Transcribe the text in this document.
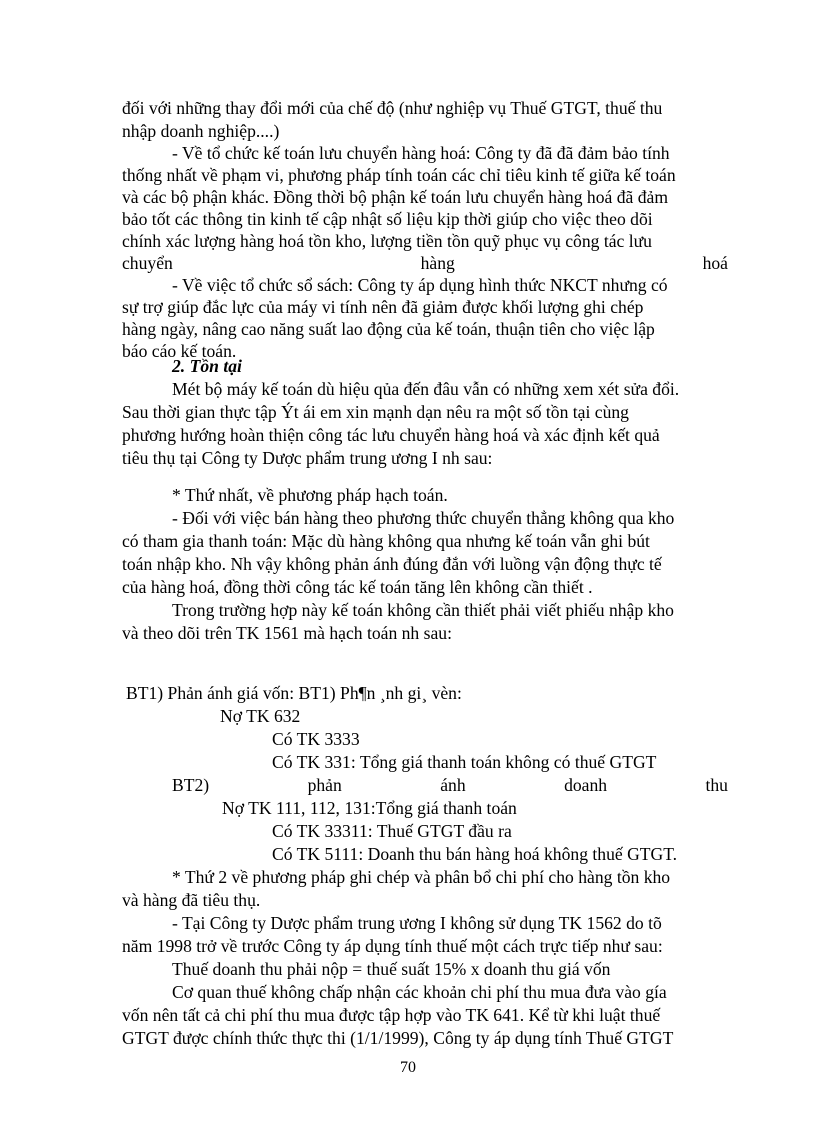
đối với những thay đổi mới của chế độ (như nghiệp vụ Thuế GTGT, thuế thu
nhập doanh nghiệp....)
- Về tổ chức kế toán lưu chuyển hàng hoá: Công ty đã đã đảm bảo tính
thống nhất về phạm vi, phương pháp tính toán các chỉ tiêu kinh tế giữa kế toán
và các bộ phận khác. Đồng thời bộ phận kế toán lưu chuyển hàng hoá đã đảm
bảo tốt các thông tin kinh tế cập nhật số liệu kịp thời giúp cho việc theo dõi
chính xác lượng hàng hoá tồn kho, lượng tiền tồn quỹ phục vụ công tác lưu
chuyển	hàng	hoá
- Về việc tổ chức sổ sách: Công ty áp dụng hình thức NKCT nhưng có
sự trợ giúp đắc lực của máy vi tính nên đã giảm được khối lượng ghi chép
hàng ngày, nâng cao năng suất lao động của kế toán, thuận tiên cho việc lập
báo cáo kế toán.
2. Tồn tại
Mét bộ máy kế toán dù hiệu qủa đến đâu vẫn có những xem xét sửa đổi.
Sau thời gian thực tập Ýt ái em xin mạnh dạn nêu ra một số tồn tại cùng
phương hướng hoàn thiện công tác lưu chuyển hàng hoá và xác định kết quả
tiêu thụ tại Công ty Dược phẩm trung ương I nh sau:
* Thứ nhất, về phương pháp hạch toán.
- Đối với việc bán hàng theo phương thức chuyển thẳng không qua kho
có tham gia thanh toán: Mặc dù hàng không qua nhưng kế toán vẫn ghi bút
toán nhập kho. Nh vậy không phản ánh đúng đắn với luồng vận động thực tế
của hàng hoá, đồng thời công tác kế toán tăng lên không cần thiết .
Trong trường hợp này kế toán không cần thiết phải viết phiếu nhập kho
và theo dõi trên TK 1561 mà hạch toán nh sau:
BT1) Phản ánh giá vốn: BT1) Ph¶n ¸nh gi¸ vèn:
Nợ TK 632
Có TK 3333
Có TK 331: Tổng giá thanh toán không có thuế GTGT
BT2)	phản	ánh	doanh	thu
Nợ TK 111, 112, 131:Tổng giá thanh toán
Có TK 33311: Thuế GTGT đầu ra
Có TK 5111: Doanh thu bán hàng hoá không thuế GTGT.
* Thứ 2 về phương pháp ghi chép và phân bổ chi phí cho hàng tồn kho
và hàng đã tiêu thụ.
- Tại Công ty Dược phẩm trung ương I không sử dụng TK 1562 do tõ
năm 1998 trở về trước Công ty áp dụng tính thuế một cách trực tiếp như sau:
Thuế doanh thu phải nộp = thuế suất 15% x doanh thu giá vốn
Cơ quan thuế không chấp nhận các khoản chi phí thu mua đưa vào gía
vốn nên tất cả chi phí thu mua được tập hợp vào TK 641. Kể từ khi luật thuế
GTGT được chính thức thực thi (1/1/1999), Công ty áp dụng tính Thuế GTGT
70
